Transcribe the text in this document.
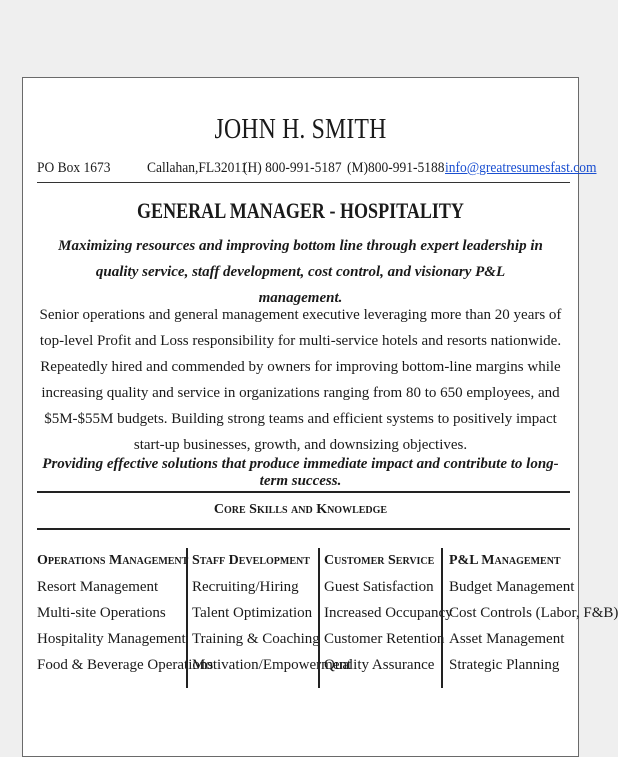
JOHN H. SMITH
PO Box 1673 Callahan,FL32011
(H) 800-991-5187 (M)800-991-5188 info@greatresumesfast.com
GENERAL MANAGER - HOSPITALITY
Maximizing resources and improving bottom line through expert leadership in quality service, staff development, cost control, and visionary P&L management.
Senior operations and general management executive leveraging more than 20 years of top-level Profit and Loss responsibility for multi-service hotels and resorts nationwide. Repeatedly hired and commended by owners for improving bottom-line margins while increasing quality and service in organizations ranging from 80 to 650 employees, and $5M-$55M budgets. Building strong teams and efficient systems to positively impact start-up businesses, growth, and downsizing objectives.
Providing effective solutions that produce immediate impact and contribute to long-term success.
Core Skills and Knowledge
Operations Management
Resort Management
Multi-site Operations
Hospitality Management
Food & Beverage Operations
Staff Development
Recruiting/Hiring
Talent Optimization
Training & Coaching
Motivation/Empowerment
Customer Service
Guest Satisfaction
Increased Occupancy
Customer Retention
Quality Assurance
P&L Management
Budget Management
Cost Controls (Labor, F&B)
Asset Management
Strategic Planning
